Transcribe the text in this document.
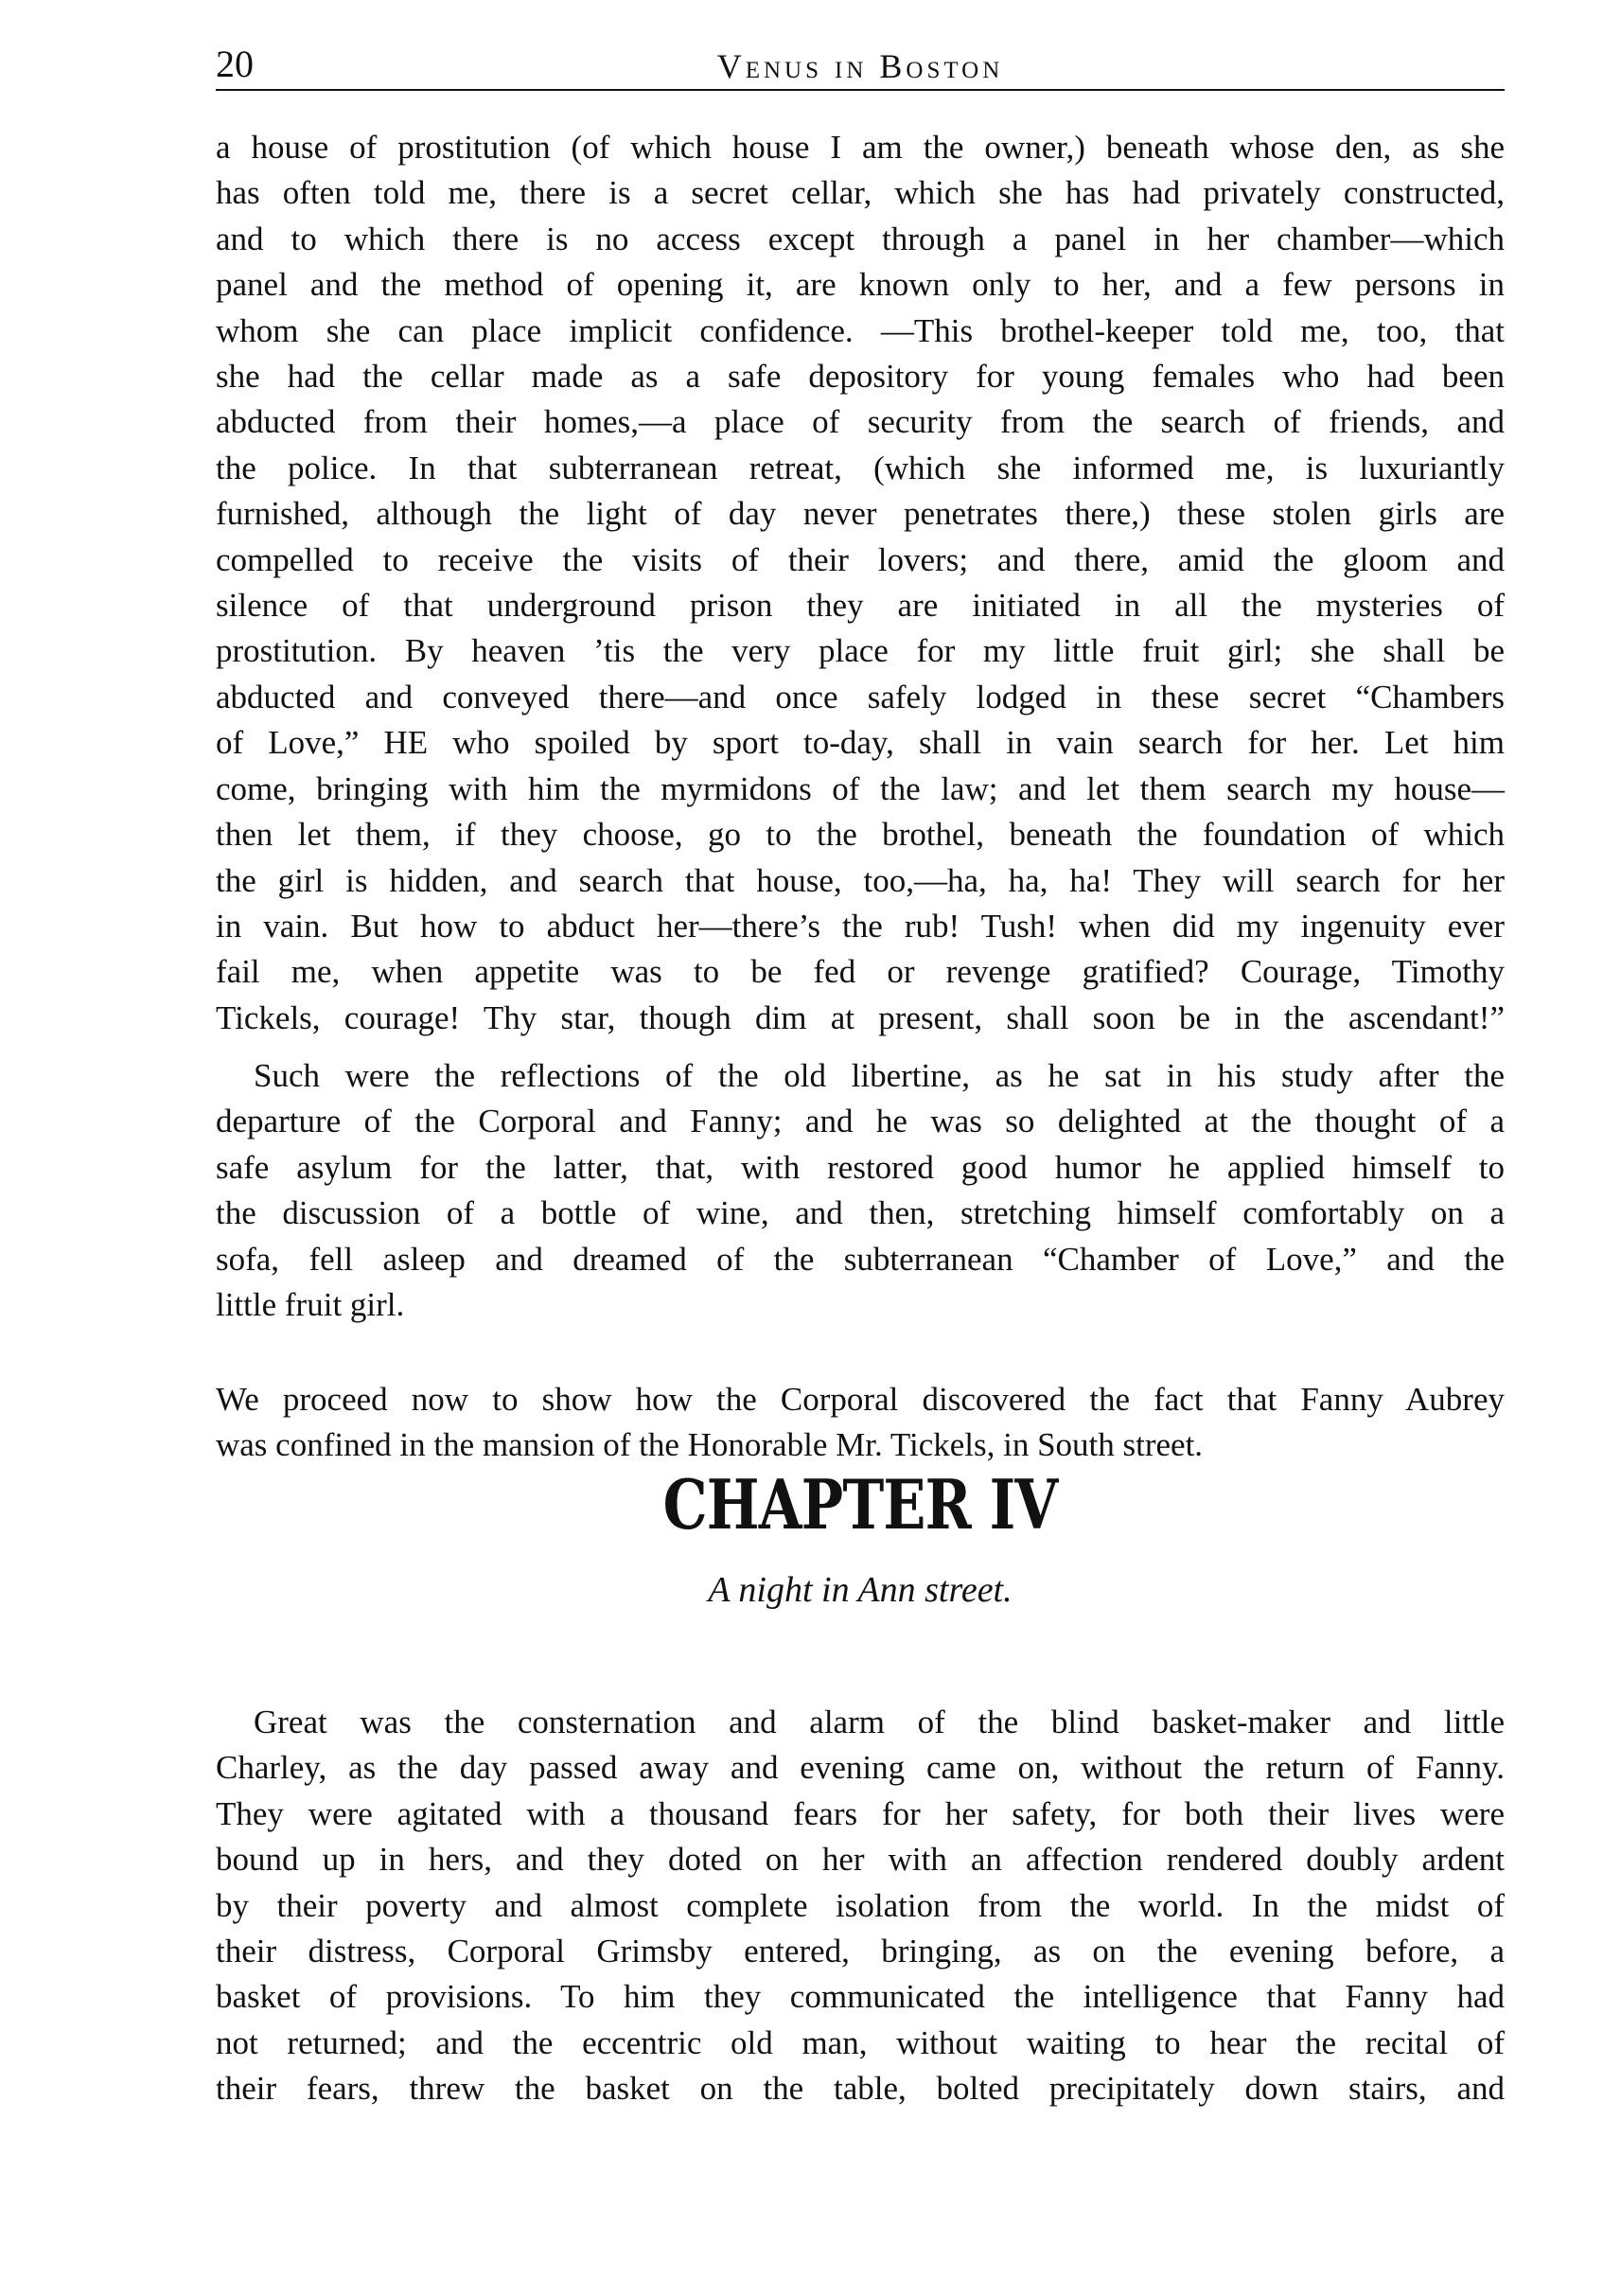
20	Venus in Boston
a house of prostitution (of which house I am the owner,) beneath whose den, as she
has often told me, there is a secret cellar, which she has had privately constructed,
and to which there is no access except through a panel in her chamber—which
panel and the method of opening it, are known only to her, and a few persons in
whom she can place implicit confidence. —This brothel-keeper told me, too, that
she had the cellar made as a safe depository for young females who had been
abducted from their homes,—a place of security from the search of friends, and
the police. In that subterranean retreat, (which she informed me, is luxuriantly
furnished, although the light of day never penetrates there,) these stolen girls are
compelled to receive the visits of their lovers; and there, amid the gloom and
silence of that underground prison they are initiated in all the mysteries of
prostitution. By heaven ’tis the very place for my little fruit girl; she shall be
abducted and conveyed there—and once safely lodged in these secret “Chambers
of Love,” HE who spoiled by sport to-day, shall in vain search for her. Let him
come, bringing with him the myrmidons of the law; and let them search my house—
then let them, if they choose, go to the brothel, beneath the foundation of which
the girl is hidden, and search that house, too,—ha, ha, ha! They will search for her
in vain. But how to abduct her—there’s the rub! Tush! when did my ingenuity ever
fail me, when appetite was to be fed or revenge gratified? Courage, Timothy
Tickels, courage! Thy star, though dim at present, shall soon be in the ascendant!”
Such were the reflections of the old libertine, as he sat in his study after the
departure of the Corporal and Fanny; and he was so delighted at the thought of a
safe asylum for the latter, that, with restored good humor he applied himself to
the discussion of a bottle of wine, and then, stretching himself comfortably on a
sofa, fell asleep and dreamed of the subterranean “Chamber of Love,” and the
little fruit girl.
CHAPTER IV
A night in Ann street.
We proceed now to show how the Corporal discovered the fact that Fanny Aubrey
was confined in the mansion of the Honorable Mr. Tickels, in South street.
Great was the consternation and alarm of the blind basket-maker and little
Charley, as the day passed away and evening came on, without the return of Fanny.
They were agitated with a thousand fears for her safety, for both their lives were
bound up in hers, and they doted on her with an affection rendered doubly ardent
by their poverty and almost complete isolation from the world. In the midst of
their distress, Corporal Grimsby entered, bringing, as on the evening before, a
basket of provisions. To him they communicated the intelligence that Fanny had
not returned; and the eccentric old man, without waiting to hear the recital of
their fears, threw the basket on the table, bolted precipitately down stairs, and
